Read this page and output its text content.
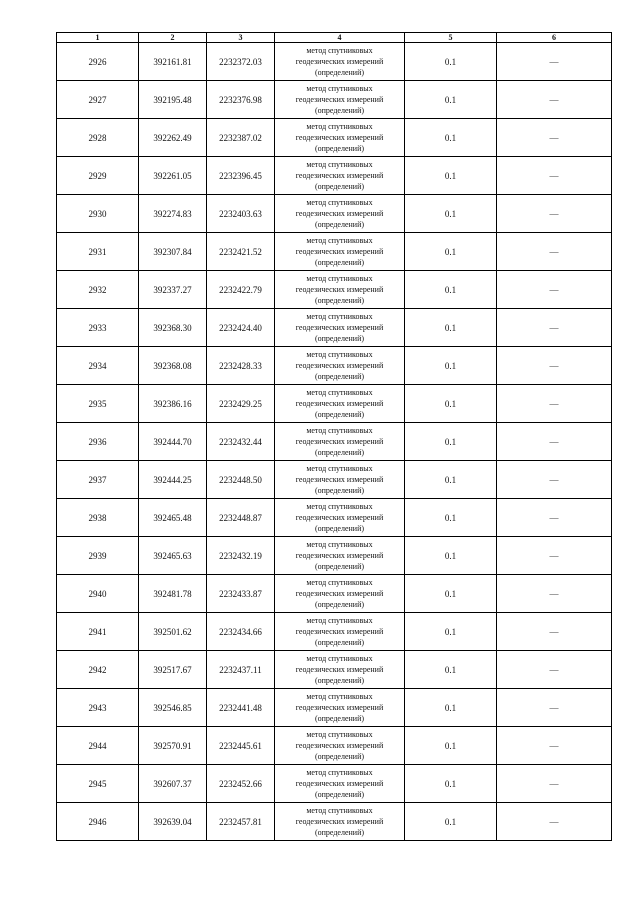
1	2	3	4	5	6
2926	392161.81	2232372.03	метод спутниковых
геодезических измерений
(определений)	0.1	—
2927	392195.48	2232376.98	метод спутниковых
геодезических измерений
(определений)	0.1	—
2928	392262.49	2232387.02	метод спутниковых
геодезических измерений
(определений)	0.1	—
2929	392261.05	2232396.45	метод спутниковых
геодезических измерений
(определений)	0.1	—
2930	392274.83	2232403.63	метод спутниковых
геодезических измерений
(определений)	0.1	—
2931	392307.84	2232421.52	метод спутниковых
геодезических измерений
(определений)	0.1	—
2932	392337.27	2232422.79	метод спутниковых
геодезических измерений
(определений)	0.1	—
2933	392368.30	2232424.40	метод спутниковых
геодезических измерений
(определений)	0.1	—
2934	392368.08	2232428.33	метод спутниковых
геодезических измерений
(определений)	0.1	—
2935	392386.16	2232429.25	метод спутниковых
геодезических измерений
(определений)	0.1	—
2936	392444.70	2232432.44	метод спутниковых
геодезических измерений
(определений)	0.1	—
2937	392444.25	2232448.50	метод спутниковых
геодезических измерений
(определений)	0.1	—
2938	392465.48	2232448.87	метод спутниковых
геодезических измерений
(определений)	0.1	—
2939	392465.63	2232432.19	метод спутниковых
геодезических измерений
(определений)	0.1	—
2940	392481.78	2232433.87	метод спутниковых
геодезических измерений
(определений)	0.1	—
2941	392501.62	2232434.66	метод спутниковых
геодезических измерений
(определений)	0.1	—
2942	392517.67	2232437.11	метод спутниковых
геодезических измерений
(определений)	0.1	—
2943	392546.85	2232441.48	метод спутниковых
геодезических измерений
(определений)	0.1	—
2944	392570.91	2232445.61	метод спутниковых
геодезических измерений
(определений)	0.1	—
2945	392607.37	2232452.66	метод спутниковых
геодезических измерений
(определений)	0.1	—
2946	392639.04	2232457.81	метод спутниковых
геодезических измерений
(определений)	0.1	—
